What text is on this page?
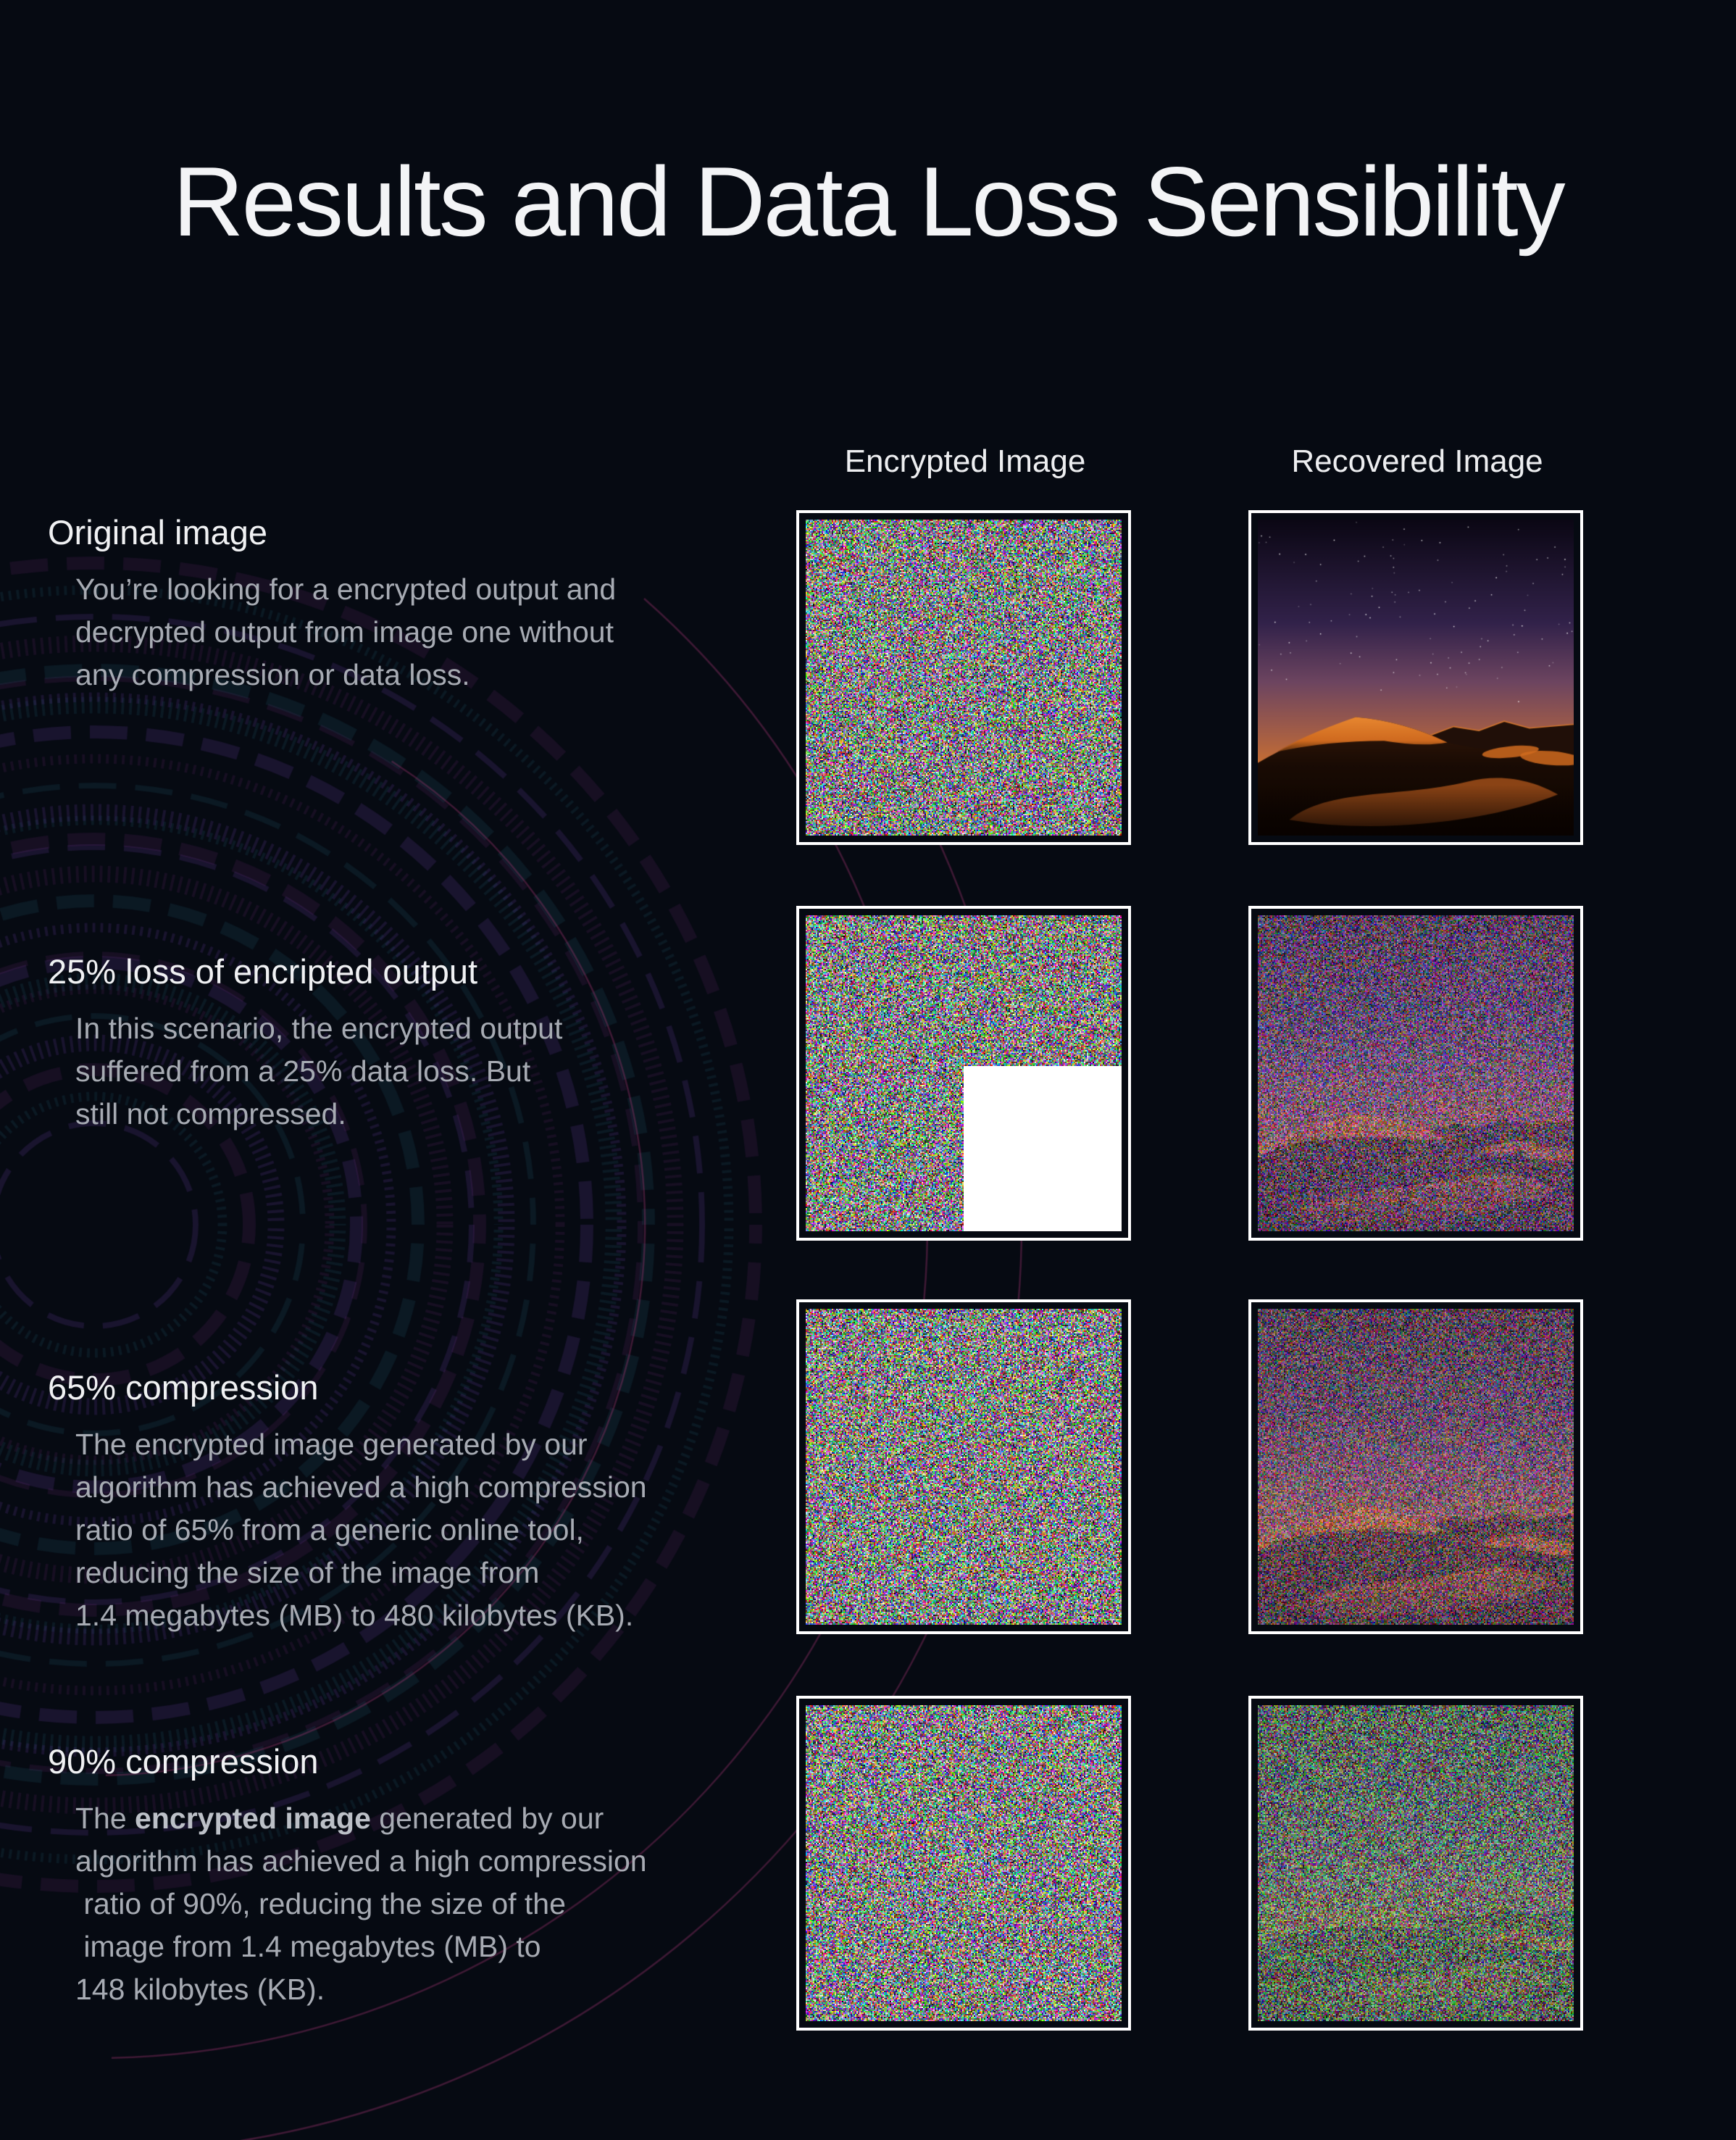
Results and Data Loss Sensibility
Encrypted Image	Recovered Image
Original image
You’re looking for a encrypted output and
decrypted output from image one without
any compression or data loss.
25% loss of encripted output
In this scenario, the encrypted output
suffered from a 25% data loss. But
still not compressed.
65% compression
The encrypted image generated by our
algorithm has achieved a high compression
ratio of 65% from a generic online tool,
reducing the size of the image from
1.4 megabytes (MB) to 480 kilobytes (KB).
90% compression
The encrypted image generated by our
algorithm has achieved a high compression
ratio of 90%, reducing the size of the
image from 1.4 megabytes (MB) to
148 kilobytes (KB).
